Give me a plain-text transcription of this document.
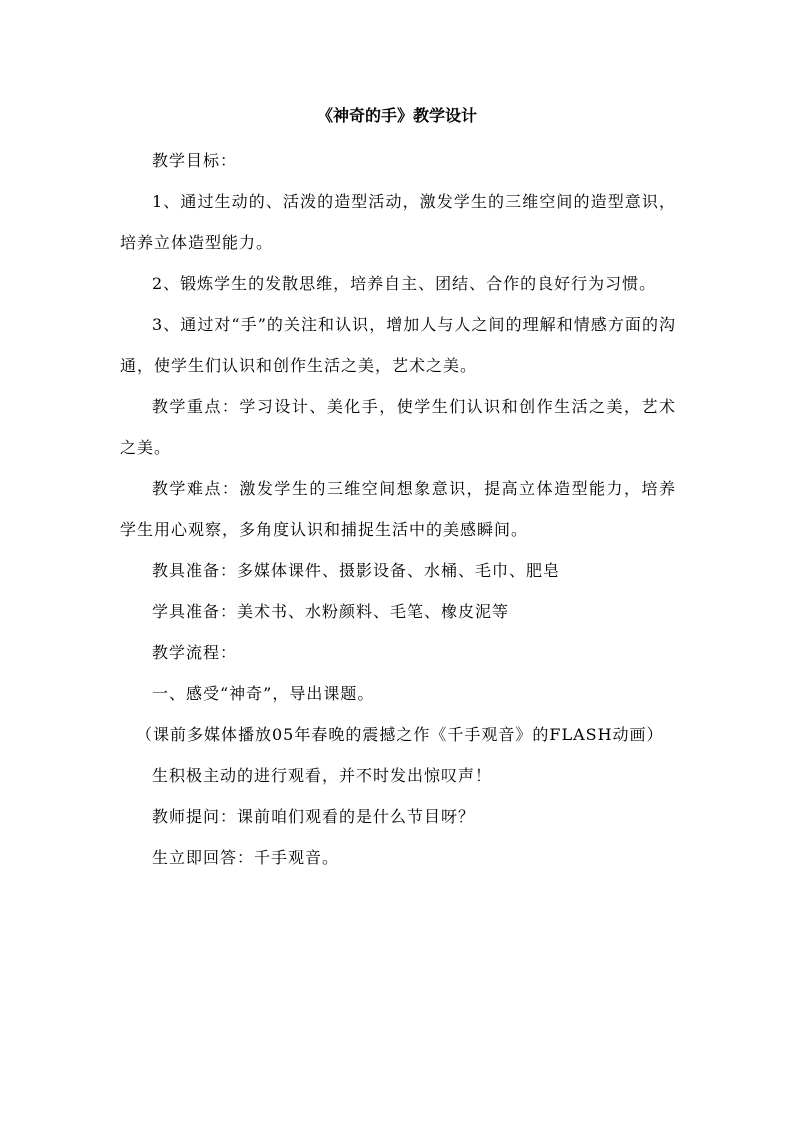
《神奇的手》教学设计

教学目标：

1、通过生动的、活泼的造型活动，激发学生的三维空间的造型意识，培养立体造型能力。

2、锻炼学生的发散思维，培养自主、团结、合作的良好行为习惯。

3、通过对“手”的关注和认识，增加人与人之间的理解和情感方面的沟通，使学生们认识和创作生活之美，艺术之美。

教学重点：学习设计、美化手，使学生们认识和创作生活之美，艺术之美。

教学难点：激发学生的三维空间想象意识，提高立体造型能力，培养学生用心观察，多角度认识和捕捉生活中的美感瞬间。

教具准备：多媒体课件、摄影设备、水桶、毛巾、肥皂

学具准备：美术书、水粉颜料、毛笔、橡皮泥等

教学流程：

一、感受“神奇”，导出课题。

（课前多媒体播放05年春晚的震撼之作《千手观音》的FLASH动画）

生积极主动的进行观看，并不时发出惊叹声！

教师提问：课前咱们观看的是什么节目呀？

生立即回答：千手观音。
